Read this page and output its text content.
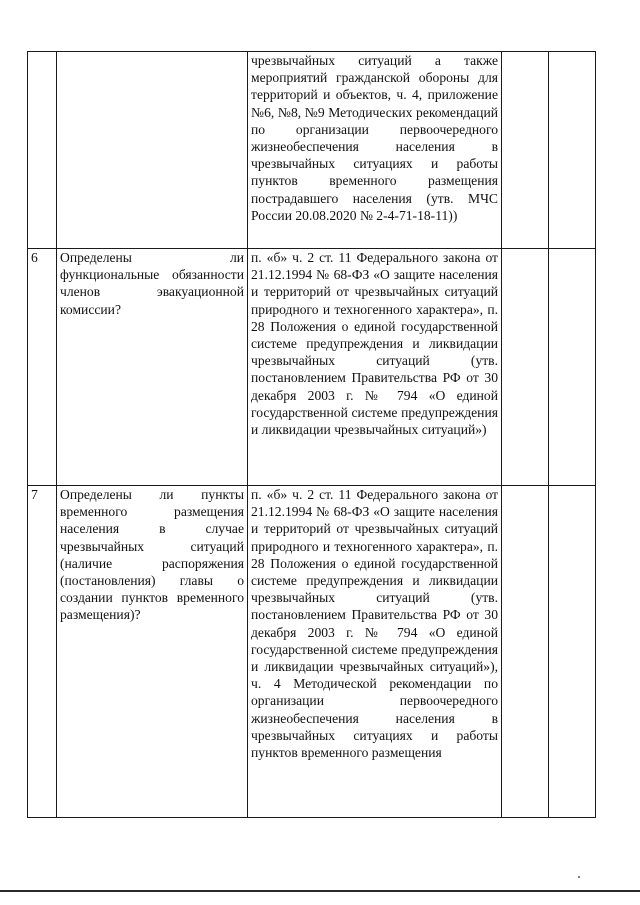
		чрезвычайных ситуаций а также мероприятий гражданской обороны для территорий и объектов, ч. 4, приложение №6, №8, №9 Методических рекомендаций по организации первоочередного жизнеобеспечения населения в чрезвычайных ситуациях и работы пунктов временного размещения пострадавшего населения (утв. МЧС России 20.08.2020 № 2-4-71-18-11))		
6	Определены ли функциональные обязанности членов эвакуационной комиссии?	п. «б» ч. 2 ст. 11 Федерального закона от 21.12.1994 № 68-ФЗ «О защите населения и территорий от чрезвычайных ситуаций природного и техногенного характера», п. 28 Положения о единой государственной системе предупреждения и ликвидации чрезвычайных ситуаций (утв. постановлением Правительства РФ от 30 декабря 2003 г. № 794 «О единой государственной системе предупреждения и ликвидации чрезвычайных ситуаций»)		
7	Определены ли пункты временного размещения населения в случае чрезвычайных ситуаций (наличие распоряжения (постановления) главы о создании пунктов временного размещения)?	п. «б» ч. 2 ст. 11 Федерального закона от 21.12.1994 № 68-ФЗ «О защите населения и территорий от чрезвычайных ситуаций природного и техногенного характера», п. 28 Положения о единой государственной системе предупреждения и ликвидации чрезвычайных ситуаций (утв. постановлением Правительства РФ от 30 декабря 2003 г. № 794 «О единой государственной системе предупреждения и ликвидации чрезвычайных ситуаций»), ч. 4 Методической рекомендации по организации первоочередного жизнеобеспечения населения в чрезвычайных ситуациях и работы пунктов временного размещения		
